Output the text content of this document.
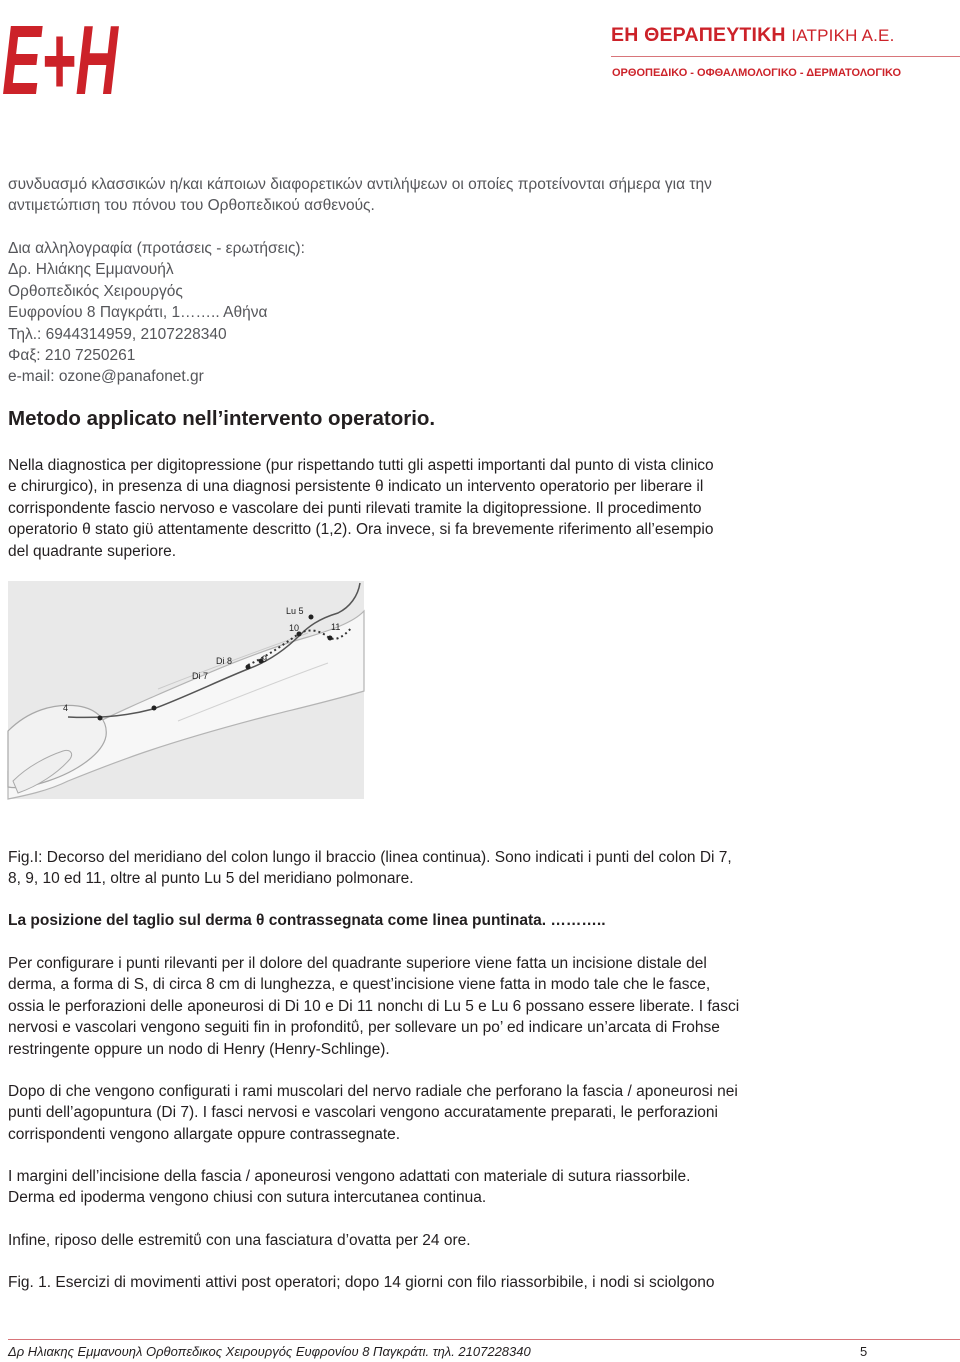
Ε+Η	ΕΗ ΘΕΡΑΠΕΥΤΙΚΗ ΙΑΤΡΙΚΗ Α.Ε.
ΟΡΘΟΠΕΔΙΚΟ - ΟΦΘΑΛΜΟΛΟΓΙΚΟ - ΔΕΡΜΑΤΟΛΟΓΙΚΟ

συνδυασμό κλασσικών η/και κάποιων διαφορετικών αντιλήψεων οι οποίες προτείνονται σήμερα για την

αντιμετώπιση του πόνου του Ορθοπεδικού ασθενούς.

Δια αλληλογραφία (προτάσεις - ερωτήσεις):

Δρ. Ηλιάκης Εμμανουήλ

Ορθοπεδικός Χειρουργός

Ευφρονίου 8 Παγκράτι, 1…….. Αθήνα

Τηλ.: 6944314959, 2107228340

Φαξ: 210 7250261

e-mail: ozone@panafonet.gr

Metodo applicato nell’intervento operatorio.

Nella diagnostica per digitopressione (pur rispettando tutti gli aspetti importanti dal punto di vista clinico

e chirurgico), in presenza di una diagnosi persistente θ indicato un intervento operatorio per liberare il

corrispondente fascio nervoso e vascolare dei punti rilevati tramite la digitopressione. Il procedimento

operatorio θ stato giϋ attentamente descritto (1,2). Ora invece, si fa brevemente riferimento all’esempio

del quadrante superiore.

Lu 5
10	11
Di 8	9
Di 7
4

Fig.I: Decorso del meridiano del colon lungo il braccio (linea continua). Sono indicati i punti del colon Di 7,

8, 9, 10 ed 11, oltre al punto Lu 5 del meridiano polmonare.

La posizione del taglio sul derma θ contrassegnata come linea puntinata. ………..

Per configurare i punti rilevanti per il dolore del quadrante superiore viene fatta un incisione distale del

derma, a forma di S, di circa 8 cm di lunghezza, e quest’incisione viene fatta in modo tale che le fasce,

ossia le perforazioni delle aponeurosi di Di 10 e Di 11 nonchι di Lu 5 e Lu 6 possano essere liberate. I fasci

nervosi e vascolari vengono seguiti fin in profonditΰ, per sollevare un po’ ed indicare un’arcata di Frohse

restringente oppure un nodo di Henry (Henry-Schlinge).

Dopo di che vengono configurati i rami muscolari del nervo radiale che perforano la fascia / aponeurosi nei

punti dell’agopuntura (Di 7). I fasci nervosi e vascolari vengono accuratamente preparati, le perforazioni

corrispondenti vengono allargate oppure contrassegnate.

I margini dell’incisione della fascia / aponeurosi vengono adattati con materiale di sutura riassorbile.

Derma ed ipoderma vengono chiusi con sutura intercutanea continua.

Infine, riposo delle estremitΰ con una fasciatura d’ovatta per 24 ore.
Fig. 1. Esercizi di movimenti attivi post operatori; dopo 14 giorni con filo riassorbibile, i nodi si sciolgono
Δρ Ηλιακης Εμμανουηλ Ορθοπεδικος Χειρουργός Ευφρονίου 8 Παγκράτι. τηλ. 2107228340	5
